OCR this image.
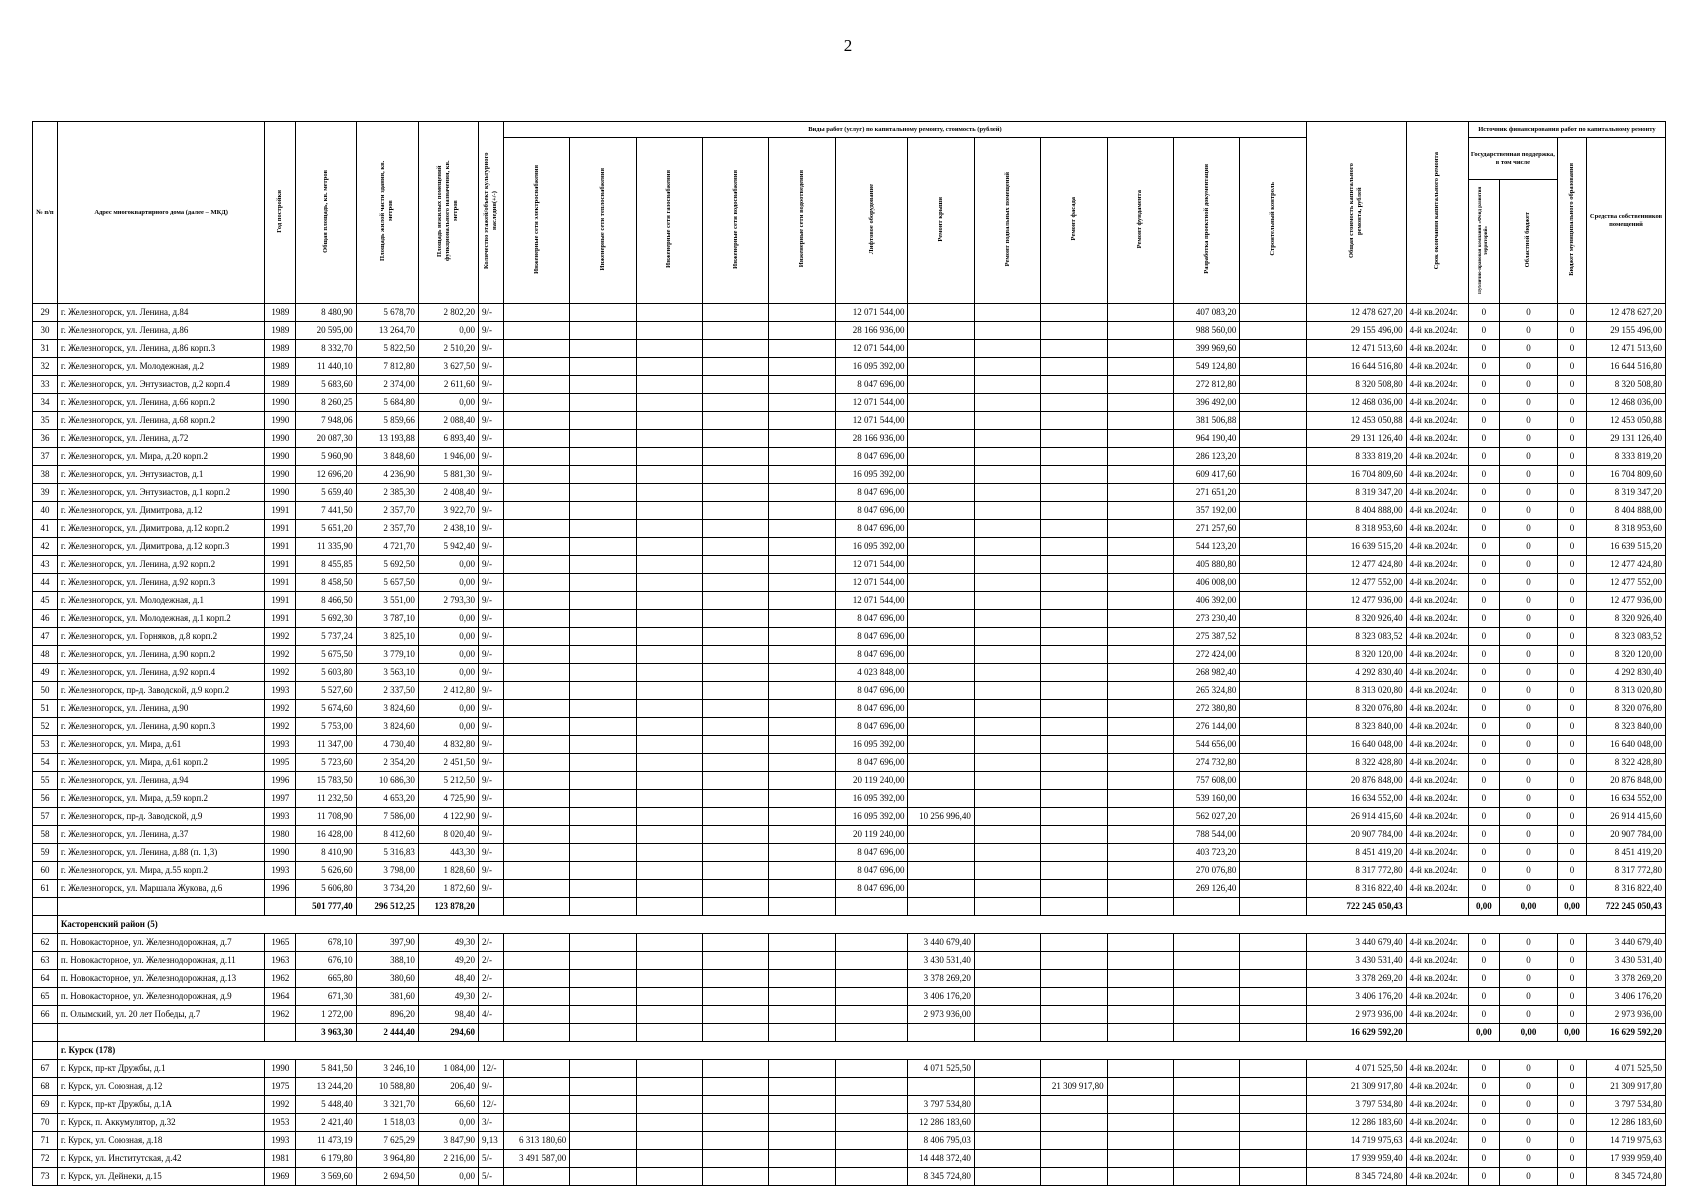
2
№ п/п	Адрес многоквартирного дома (далее – МКД)	Год постройки	Общая площадь, кв. метров	Площадь жилой части здания, кв. метров	Площадь нежилых помещений функционального назначения, кв. метров	Количество этажей/объект культурного наследия(+/-)	Виды работ (услуг) по капитальному ремонту, стоимость (рублей)												Общая стоимость капитального ремонта, рублей	Срок окончания капитального ремонта	Источник финансирования работ по капитальному ремонту			
							Инженерные сети электроснабжения	Инженерные сети теплоснабжения	Инженерные сети газоснабжения	Инженерные сети водоснабжения	Инженерные сети водоотведения	Лифтовое оборудование	Ремонт крыши	Ремонт подвальных помещений	Ремонт фасада	Ремонт фундамента	Разработка проектной документации	Строительный контроль			Государственная поддержка, в том числе		Бюджет муниципального образования	Средства собственников помещений
																					Публично-правовая компания «Фонд развития территорий»	Областной бюджет		
29	г. Железногорск, ул. Ленина, д.84	1989	8 480,90	5 678,70	2 802,20	9/-						12 071 544,00					407 083,20		12 478 627,20	4-й кв.2024г.	0	0	0	12 478 627,20
30	г. Железногорск, ул. Ленина, д.86	1989	20 595,00	13 264,70	0,00	9/-						28 166 936,00					988 560,00		29 155 496,00	4-й кв.2024г.	0	0	0	29 155 496,00
31	г. Железногорск, ул. Ленина, д.86 корп.3	1989	8 332,70	5 822,50	2 510,20	9/-						12 071 544,00					399 969,60		12 471 513,60	4-й кв.2024г.	0	0	0	12 471 513,60
32	г. Железногорск, ул. Молодежная, д.2	1989	11 440,10	7 812,80	3 627,50	9/-						16 095 392,00					549 124,80		16 644 516,80	4-й кв.2024г.	0	0	0	16 644 516,80
33	г. Железногорск, ул. Энтузиастов, д.2 корп.4	1989	5 683,60	2 374,00	2 611,60	9/-						8 047 696,00					272 812,80		8 320 508,80	4-й кв.2024г.	0	0	0	8 320 508,80
34	г. Железногорск, ул. Ленина, д.66 корп.2	1990	8 260,25	5 684,80	0,00	9/-						12 071 544,00					396 492,00		12 468 036,00	4-й кв.2024г.	0	0	0	12 468 036,00
35	г. Железногорск, ул. Ленина, д.68 корп.2	1990	7 948,06	5 859,66	2 088,40	9/-						12 071 544,00					381 506,88		12 453 050,88	4-й кв.2024г.	0	0	0	12 453 050,88
36	г. Железногорск, ул. Ленина, д.72	1990	20 087,30	13 193,88	6 893,40	9/-						28 166 936,00					964 190,40		29 131 126,40	4-й кв.2024г.	0	0	0	29 131 126,40
37	г. Железногорск, ул. Мира, д.20 корп.2	1990	5 960,90	3 848,60	1 946,00	9/-						8 047 696,00					286 123,20		8 333 819,20	4-й кв.2024г.	0	0	0	8 333 819,20
38	г. Железногорск, ул. Энтузиастов, д.1	1990	12 696,20	4 236,90	5 881,30	9/-						16 095 392,00					609 417,60		16 704 809,60	4-й кв.2024г.	0	0	0	16 704 809,60
39	г. Железногорск, ул. Энтузиастов, д.1 корп.2	1990	5 659,40	2 385,30	2 408,40	9/-						8 047 696,00					271 651,20		8 319 347,20	4-й кв.2024г.	0	0	0	8 319 347,20
40	г. Железногорск, ул. Димитрова, д.12	1991	7 441,50	2 357,70	3 922,70	9/-						8 047 696,00					357 192,00		8 404 888,00	4-й кв.2024г.	0	0	0	8 404 888,00
41	г. Железногорск, ул. Димитрова, д.12 корп.2	1991	5 651,20	2 357,70	2 438,10	9/-						8 047 696,00					271 257,60		8 318 953,60	4-й кв.2024г.	0	0	0	8 318 953,60
42	г. Железногорск, ул. Димитрова, д.12 корп.3	1991	11 335,90	4 721,70	5 942,40	9/-						16 095 392,00					544 123,20		16 639 515,20	4-й кв.2024г.	0	0	0	16 639 515,20
43	г. Железногорск, ул. Ленина, д.92 корп.2	1991	8 455,85	5 692,50	0,00	9/-						12 071 544,00					405 880,80		12 477 424,80	4-й кв.2024г.	0	0	0	12 477 424,80
44	г. Железногорск, ул. Ленина, д.92 корп.3	1991	8 458,50	5 657,50	0,00	9/-						12 071 544,00					406 008,00		12 477 552,00	4-й кв.2024г.	0	0	0	12 477 552,00
45	г. Железногорск, ул. Молодежная, д.1	1991	8 466,50	3 551,00	2 793,30	9/-						12 071 544,00					406 392,00		12 477 936,00	4-й кв.2024г.	0	0	0	12 477 936,00
46	г. Железногорск, ул. Молодежная, д.1 корп.2	1991	5 692,30	3 787,10	0,00	9/-						8 047 696,00					273 230,40		8 320 926,40	4-й кв.2024г.	0	0	0	8 320 926,40
47	г. Железногорск, ул. Горняков, д.8 корп.2	1992	5 737,24	3 825,10	0,00	9/-						8 047 696,00					275 387,52		8 323 083,52	4-й кв.2024г.	0	0	0	8 323 083,52
48	г. Железногорск, ул. Ленина, д.90 корп.2	1992	5 675,50	3 779,10	0,00	9/-						8 047 696,00					272 424,00		8 320 120,00	4-й кв.2024г.	0	0	0	8 320 120,00
49	г. Железногорск, ул. Ленина, д.92 корп.4	1992	5 603,80	3 563,10	0,00	9/-						4 023 848,00					268 982,40		4 292 830,40	4-й кв.2024г.	0	0	0	4 292 830,40
50	г. Железногорск, пр-д. Заводской, д.9 корп.2	1993	5 527,60	2 337,50	2 412,80	9/-						8 047 696,00					265 324,80		8 313 020,80	4-й кв.2024г.	0	0	0	8 313 020,80
51	г. Железногорск, ул. Ленина, д.90	1992	5 674,60	3 824,60	0,00	9/-						8 047 696,00					272 380,80		8 320 076,80	4-й кв.2024г.	0	0	0	8 320 076,80
52	г. Железногорск, ул. Ленина, д.90 корп.3	1992	5 753,00	3 824,60	0,00	9/-						8 047 696,00					276 144,00		8 323 840,00	4-й кв.2024г.	0	0	0	8 323 840,00
53	г. Железногорск, ул. Мира, д.61	1993	11 347,00	4 730,40	4 832,80	9/-						16 095 392,00					544 656,00		16 640 048,00	4-й кв.2024г.	0	0	0	16 640 048,00
54	г. Железногорск, ул. Мира, д.61 корп.2	1995	5 723,60	2 354,20	2 451,50	9/-						8 047 696,00					274 732,80		8 322 428,80	4-й кв.2024г.	0	0	0	8 322 428,80
55	г. Железногорск, ул. Ленина, д.94	1996	15 783,50	10 686,30	5 212,50	9/-						20 119 240,00					757 608,00		20 876 848,00	4-й кв.2024г.	0	0	0	20 876 848,00
56	г. Железногорск, ул. Мира, д.59 корп.2	1997	11 232,50	4 653,20	4 725,90	9/-						16 095 392,00					539 160,00		16 634 552,00	4-й кв.2024г.	0	0	0	16 634 552,00
57	г. Железногорск, пр-д. Заводской, д.9	1993	11 708,90	7 586,00	4 122,90	9/-						16 095 392,00	10 256 996,40				562 027,20		26 914 415,60	4-й кв.2024г.	0	0	0	26 914 415,60
58	г. Железногорск, ул. Ленина, д.37	1980	16 428,00	8 412,60	8 020,40	9/-						20 119 240,00					788 544,00		20 907 784,00	4-й кв.2024г.	0	0	0	20 907 784,00
59	г. Железногорск, ул. Ленина, д.88 (п. 1,3)	1990	8 410,90	5 316,83	443,30	9/-						8 047 696,00					403 723,20		8 451 419,20	4-й кв.2024г.	0	0	0	8 451 419,20
60	г. Железногорск, ул. Мира, д.55 корп.2	1993	5 626,60	3 798,00	1 828,60	9/-						8 047 696,00					270 076,80		8 317 772,80	4-й кв.2024г.	0	0	0	8 317 772,80
61	г. Железногорск, ул. Маршала Жукова, д.6	1996	5 606,80	3 734,20	1 872,60	9/-						8 047 696,00					269 126,40		8 316 822,40	4-й кв.2024г.	0	0	0	8 316 822,40
			501 777,40	296 512,25	123 878,20														722 245 050,43		0,00	0,00	0,00	722 245 050,43
	Касторенский район (5)																							
62	п. Новокасторное, ул. Железнодорожная, д.7	1965	678,10	397,90	49,30	2/-							3 440 679,40						3 440 679,40	4-й кв.2024г.	0	0	0	3 440 679,40
63	п. Новокасторное, ул. Железнодорожная, д.11	1963	676,10	388,10	49,20	2/-							3 430 531,40						3 430 531,40	4-й кв.2024г.	0	0	0	3 430 531,40
64	п. Новокасторное, ул. Железнодорожная, д.13	1962	665,80	380,60	48,40	2/-							3 378 269,20						3 378 269,20	4-й кв.2024г.	0	0	0	3 378 269,20
65	п. Новокасторное, ул. Железнодорожная, д.9	1964	671,30	381,60	49,30	2/-							3 406 176,20						3 406 176,20	4-й кв.2024г.	0	0	0	3 406 176,20
66	п. Олымский, ул. 20 лет Победы, д.7	1962	1 272,00	896,20	98,40	4/-							2 973 936,00						2 973 936,00	4-й кв.2024г.	0	0	0	2 973 936,00
			3 963,30	2 444,40	294,60														16 629 592,20		0,00	0,00	0,00	16 629 592,20
	г. Курск (178)																							
67	г. Курск, пр-кт Дружбы, д.1	1990	5 841,50	3 246,10	1 084,00	12/-							4 071 525,50						4 071 525,50	4-й кв.2024г.	0	0	0	4 071 525,50
68	г. Курск, ул. Союзная, д.12	1975	13 244,20	10 588,80	206,40	9/-									21 309 917,80				21 309 917,80	4-й кв.2024г.	0	0	0	21 309 917,80
69	г. Курск, пр-кт Дружбы, д.1А	1992	5 448,40	3 321,70	66,60	12/-							3 797 534,80						3 797 534,80	4-й кв.2024г.	0	0	0	3 797 534,80
70	г. Курск, п. Аккумулятор, д.32	1953	2 421,40	1 518,03	0,00	3/-							12 286 183,60						12 286 183,60	4-й кв.2024г.	0	0	0	12 286 183,60
71	г. Курск, ул. Союзная, д.18	1993	11 473,19	7 625,29	3 847,90	9,13	6 313 180,60						8 406 795,03						14 719 975,63	4-й кв.2024г.	0	0	0	14 719 975,63
72	г. Курск, ул. Институтская, д.42	1981	6 179,80	3 964,80	2 216,00	5/-	3 491 587,00						14 448 372,40						17 939 959,40	4-й кв.2024г.	0	0	0	17 939 959,40
73	г. Курск, ул. Дейнеки, д.15	1969	3 569,60	2 694,50	0,00	5/-							8 345 724,80						8 345 724,80	4-й кв.2024г.	0	0	0	8 345 724,80
